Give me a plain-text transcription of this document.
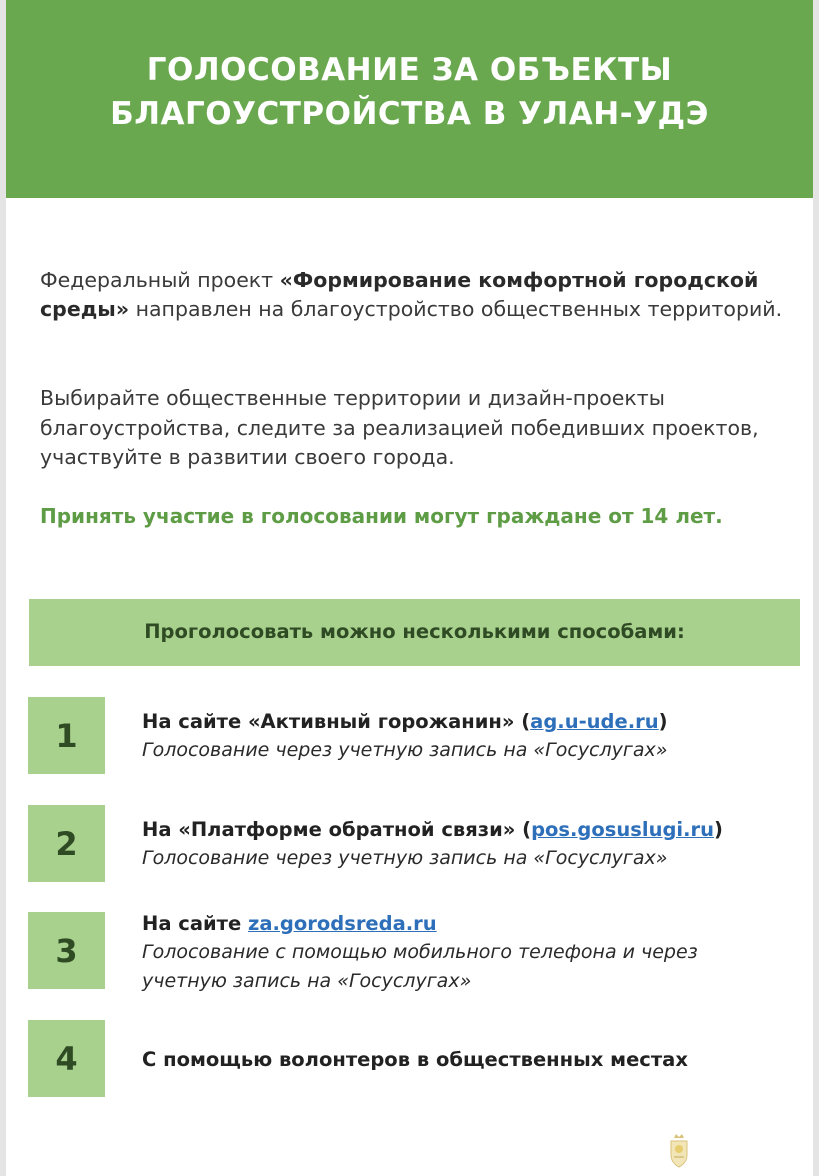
ГОЛОСОВАНИЕ ЗА ОБЪЕКТЫ
БЛАГОУСТРОЙСТВА В УЛАН-УДЭ

Федеральный проект «Формирование комфортной городской среды» направлен на благоустройство общественных территорий.

Выбирайте общественные территории и дизайн-проекты благоустройства, следите за реализацией победивших проектов, участвуйте в развитии своего города.

Принять участие в голосовании могут граждане от 14 лет.

Проголосовать можно несколькими способами:

1	На сайте «Активный горожанин» (ag.u-ude.ru)

Голосование через учетную запись на «Госуслугах»

2	На «Платформе обратной связи» (pos.gosuslugi.ru)

Голосование через учетную запись на «Госуслугах»

3

На сайте za.gorodsreda.ru

Голосование с помощью мобильного телефона и через учетную запись на «Госуслугах»

4	С помощью волонтеров в общественных местах
